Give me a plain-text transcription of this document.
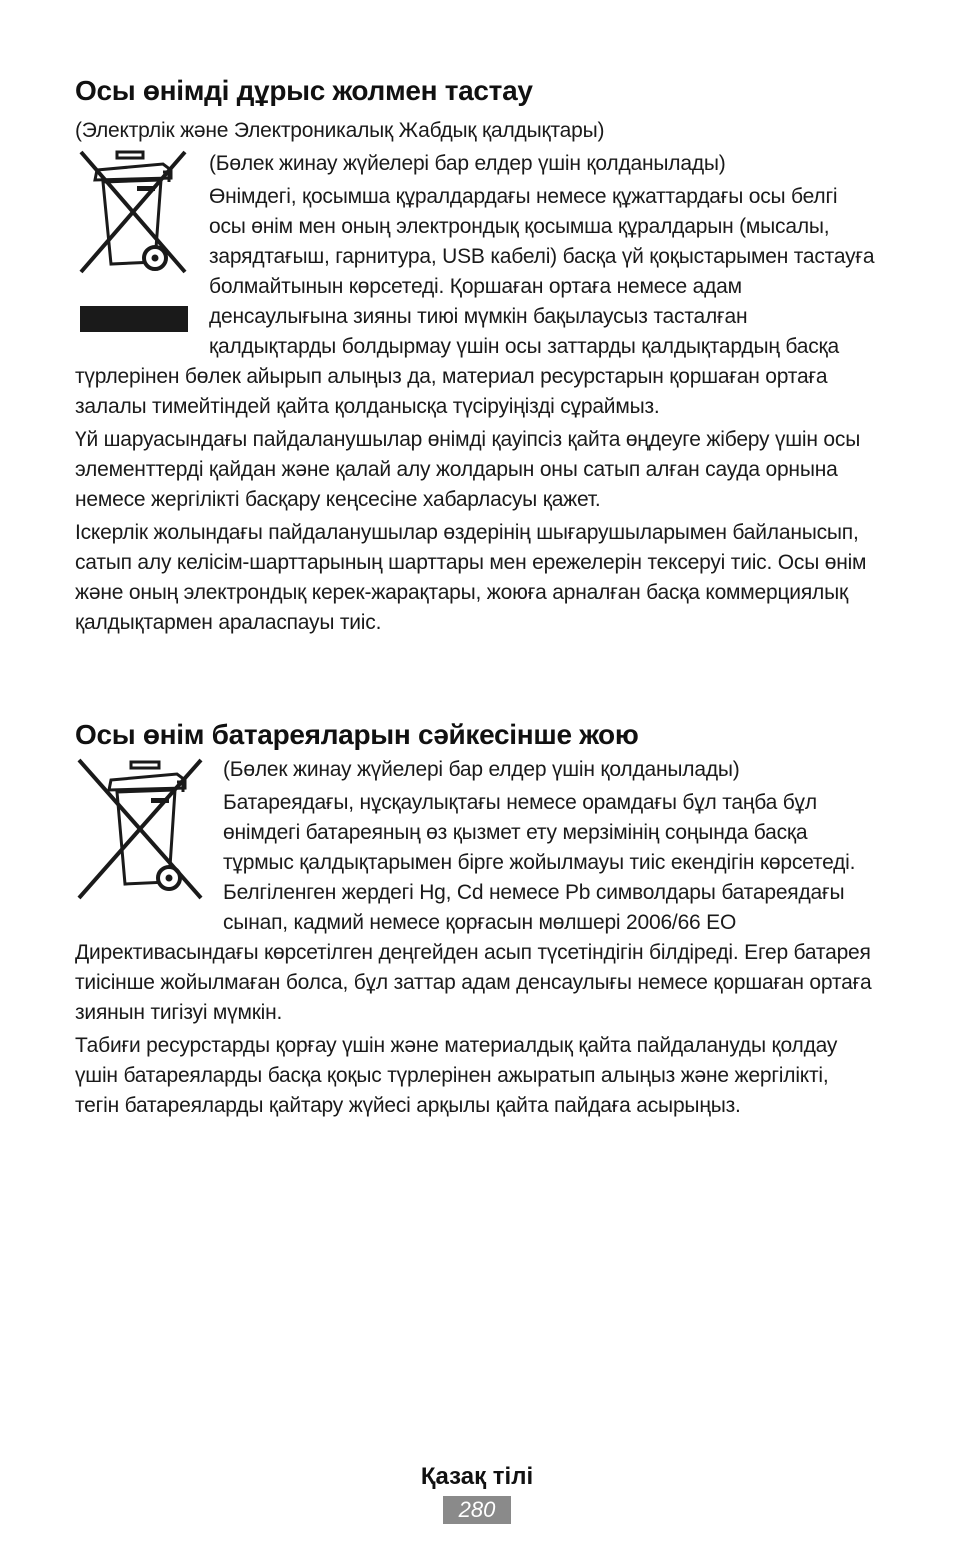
Осы өнімді дұрыс жолмен тастау

(Электрлік және Электроникалық Жабдық қалдықтары)

(Бөлек жинау жүйелері бар елдер үшін қолданылады)

Өнімдегі, қосымша құралдардағы немесе құжаттардағы осы белгі осы өнім мен оның электрондық қосымша құралдарын (мысалы, зарядтағыш, гарнитура, USB кабелі) басқа үй қоқыстарымен тастауға болмайтынын көрсетеді. Қоршаған ортаға немесе адам денсаулығына зияны тиюі мүмкін бақылаусыз тасталған қалдықтарды болдырмау үшін осы заттарды қалдықтардың басқа түрлерінен бөлек айырып алыңыз да, материал ресурстарын қоршаған ортаға залалы тимейтіндей қайта қолданысқа түсіруіңізді сұраймыз.

Үй шаруасындағы пайдаланушылар өнімді қауіпсіз қайта өңдеуге жіберу үшін осы элементтерді қайдан және қалай алу жолдарын оны сатып алған сауда орнына немесе жергілікті басқару кеңсесіне хабарласуы қажет.

Іскерлік жолындағы пайдаланушылар өздерінің шығарушыларымен байланысып, сатып алу келісім-шарттарының шарттары мен ережелерін тексеруі тиіс. Осы өнім және оның электрондық керек-жарақтары, жоюға арналған басқа коммерциялық қалдықтармен араласпауы тиіс.

Осы өнім батареяларын сәйкесінше жою

(Бөлек жинау жүйелері бар елдер үшін қолданылады)

Батареядағы, нұсқаулықтағы немесе орамдағы бұл таңба бұл өнімдегі батареяның өз қызмет ету мерзімінің соңында басқа тұрмыс қалдықтарымен бірге жойылмауы тиіс екендігін көрсетеді. Белгіленген жердегі Hg, Cd немесе Pb символдары батареядағы сынап, кадмий немесе қорғасын мөлшері 2006/66 ЕО Директивасындағы көрсетілген деңгейден асып түсетіндігін білдіреді. Егер батарея тиісінше жойылмаған болса, бұл заттар адам денсаулығы немесе қоршаған ортаға зиянын тигізуі мүмкін.

Табиғи ресурстарды қорғау үшін және материалдық қайта пайдалануды қолдау үшін батареяларды басқа қоқыс түрлерінен ажыратып алыңыз және жергілікті, тегін батареяларды қайтару жүйесі арқылы қайта пайдаға асырыңыз.

Қазақ тілі
280
